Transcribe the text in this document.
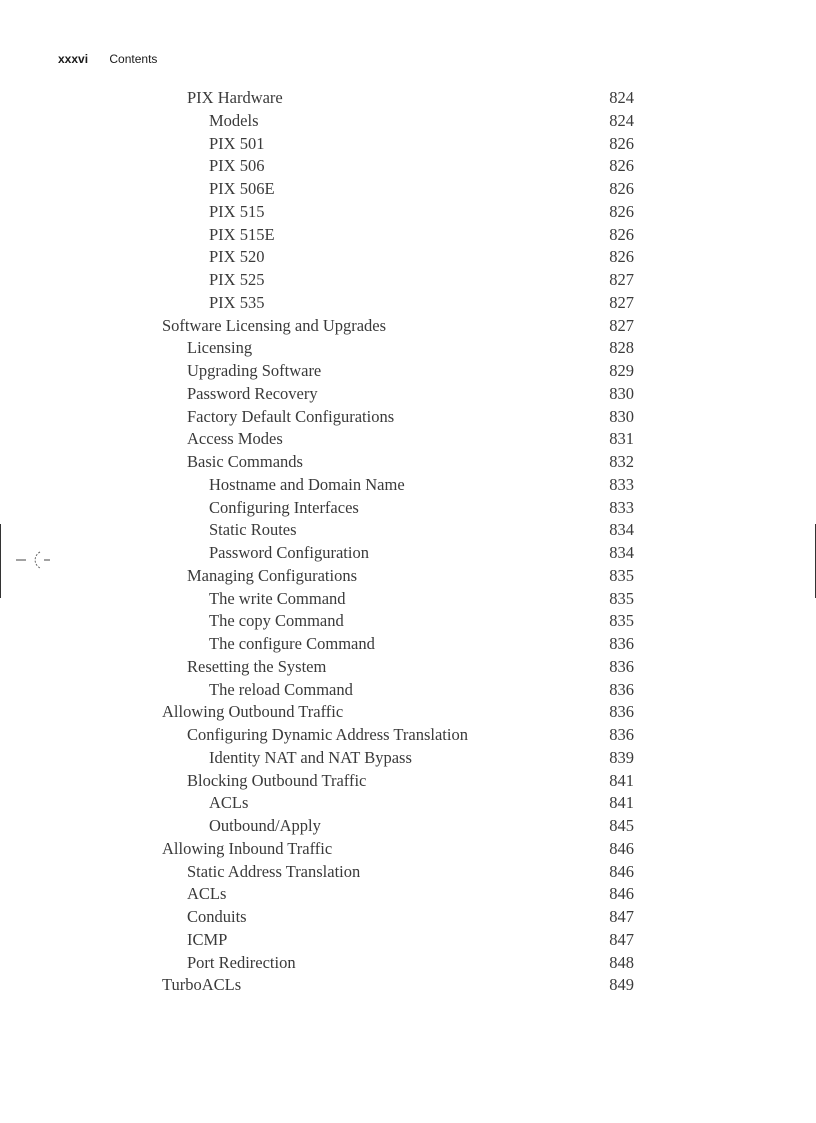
xxxvi Contents
PIX Hardware	824
Models	824
PIX 501	826
PIX 506	826
PIX 506E	826
PIX 515	826
PIX 515E	826
PIX 520	826
PIX 525	827
PIX 535	827
Software Licensing and Upgrades	827
Licensing	828
Upgrading Software	829
Password Recovery	830
Factory Default Configurations	830
Access Modes	831
Basic Commands	832
Hostname and Domain Name	833
Configuring Interfaces	833
Static Routes	834
Password Configuration	834
Managing Configurations	835
The write Command	835
The copy Command	835
The configure Command	836
Resetting the System	836
The reload Command	836
Allowing Outbound Traffic	836
Configuring Dynamic Address Translation	836
Identity NAT and NAT Bypass	839
Blocking Outbound Traffic	841
ACLs	841
Outbound/Apply	845
Allowing Inbound Traffic	846
Static Address Translation	846
ACLs	846
Conduits	847
ICMP	847
Port Redirection	848
TurboACLs	849
